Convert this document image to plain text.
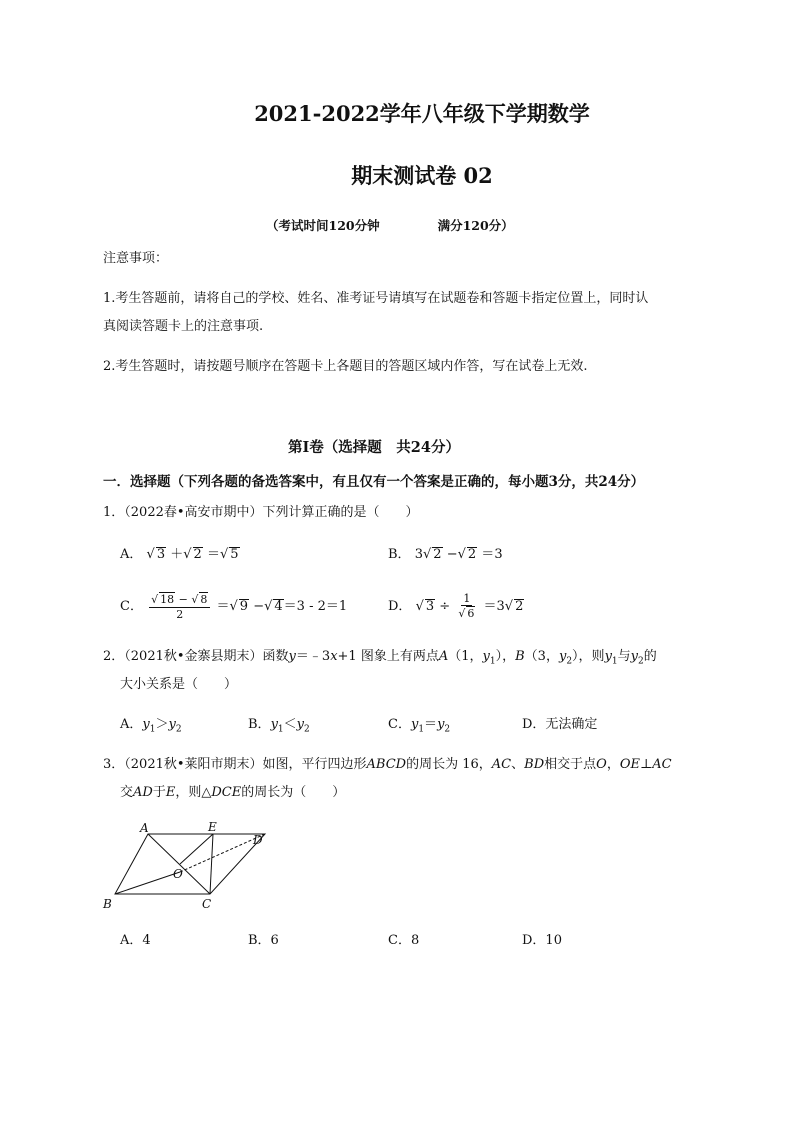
2021-2022学年八年级下学期数学
期末测试卷 02
（考试时间120分钟	满分120分）
注意事项：
1.考生答题前，请将自己的学校、姓名、准考证号请填写在试题卷和答题卡指定位置上，同时认
真阅读答题卡上的注意事项.
2.考生答题时，请按题号顺序在答题卡上各题目的答题区域内作答，写在试卷上无效.
第Ⅰ卷（选择题　共24分）
一．选择题（下列各题的备选答案中，有且仅有一个答案是正确的，每小题3分，共24分）
1．（2022春•高安市期中）下列计算正确的是（　　）
A． √ 3 ＋√ 2 ＝√ 5	B． 3√ 2 −√ 2 ＝3
C． $\frac{√ 18 - √ 8}{2}$ ＝√ 9 −√ 4＝3 - 2＝1	D． √ $3 \div \frac{1}{√ 6} =3√$ 2
2．（2021秋•金寨县期末）函数y＝﹣3x+1 图象上有两点A（1，$y_1$），B（3，$y_2$），则$y_1$与$y_2$的
大小关系是（　　）
A．$y_1>y_2$	B．$y_1<y_2$	C．$y_1=y_2$	D．无法确定
3．（2021秋•莱阳市期末）如图，平行四边形ABCD的周长为 16，AC、BD相交于点O，OE⊥AC
交AD于E，则△DCE的周长为（　　）
A	E
D
O
B	C
A．4	B．6	C．8	D．10
